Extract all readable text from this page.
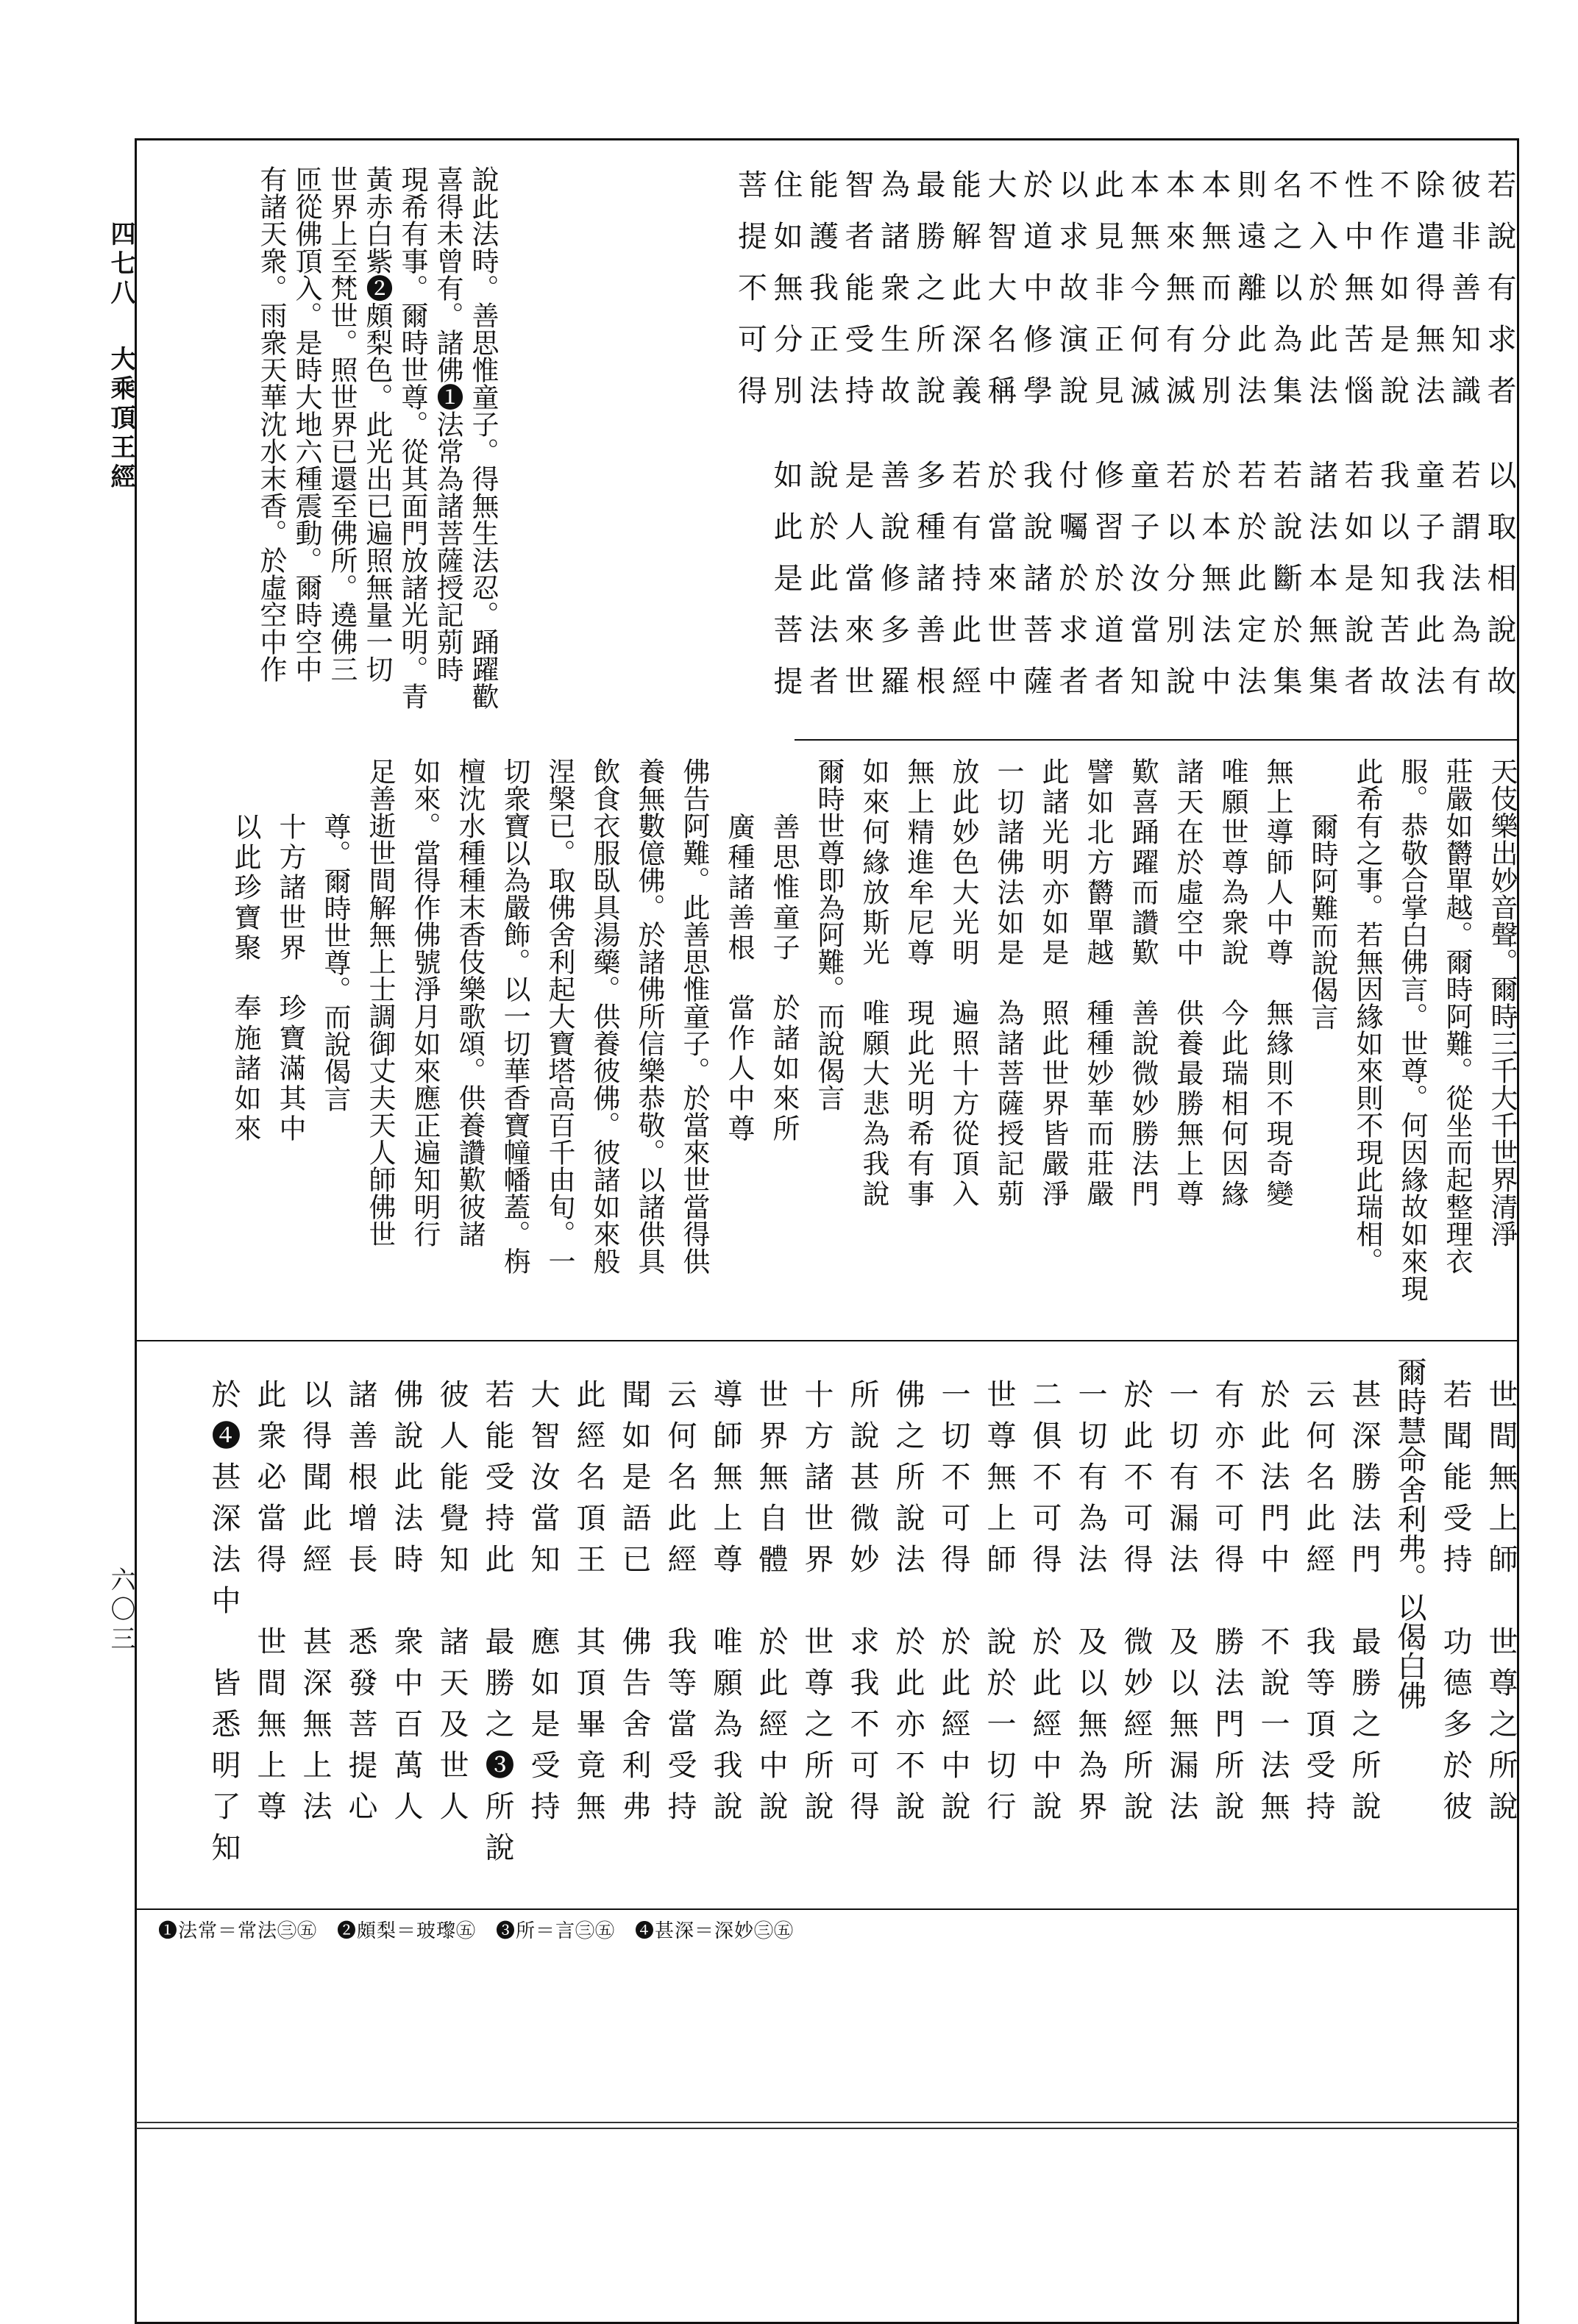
四七八
大乘頂王經
六〇三
若說有求者
以取相說故
彼非善知識
若謂法為有
除遣得無法
童子我此法
不作如是說
我以知苦故
性中無苦惱
若如是說者
不入於此法
諸法本無集
名之以為集
若說斷於集
則遠離此法
若於此定法
本無而分別
於本無法中
本來無有滅
若以分別說
本無今何滅
童子汝當知
此見非正見
修習於道者
以求故演說
付囑於求者
於道中修學
我說諸菩薩
大智大名稱
於當來世中
能解此深義
若有持此經
最勝之所說
多種諸善根
為諸衆生故
善說修多羅
智者能受持
是人當來世
能護我正法
說於此法者
住如無分別
如此是菩提
菩提不可得
說此法時。善思惟童子。得無生法忍。踊躍歡
喜得未曾有。諸佛❶法常為諸菩薩授記莂時
現希有事。爾時世尊。從其面門放諸光明。青
黃赤白紫❷頗梨色。此光出已遍照無量一切
世界上至梵世。照世界已還至佛所。遶佛三
匝從佛頂入。是時大地六種震動。爾時空中
有諸天衆。雨衆天華沈水末香。於虛空中作
天伎樂出妙音聲。爾時三千大千世界清淨
莊嚴如欝單越。爾時阿難。從坐而起整理衣
服。恭敬合掌白佛言。世尊。何因緣故如來現
此希有之事。若無因緣如來則不現此瑞相。
爾時阿難而說偈言
無上導師人中尊　無緣則不現奇變
唯願世尊為衆說　今此瑞相何因緣
諸天在於虛空中　供養最勝無上尊
歎喜踊躍而讚歎　善說微妙勝法門
譬如北方欝單越　種種妙華而莊嚴
此諸光明亦如是　照此世界皆嚴淨
一切諸佛法如是　為諸菩薩授記莂
放此妙色大光明　遍照十方從頂入
無上精進牟尼尊　現此光明希有事
如來何緣放斯光　唯願大悲為我說
爾時世尊即為阿難。而說偈言
善思惟童子　於諸如來所
廣種諸善根　當作人中尊
佛告阿難。此善思惟童子。於當來世當得供
養無數億佛。於諸佛所信樂恭敬。以諸供具
飲食衣服臥具湯藥。供養彼佛。彼諸如來般
涅槃已。取佛舍利起大寶塔高百千由旬。一
切衆寶以為嚴飾。以一切華香寶幢幡蓋。栴
檀沈水種種末香伎樂歌頌。供養讚歎彼諸
如來。當得作佛號淨月如來應正遍知明行
足善逝世間解無上士調御丈夫天人師佛世
尊。爾時世尊。而說偈言
十方諸世界　珍寶滿其中
以此珍寶聚　奉施諸如來
世間無上師　世尊之所說
若聞能受持　功德多於彼
爾時慧命舍利弗。以偈白佛
甚深勝法門　最勝之所說
云何名此經　我等頂受持
於此法門中　不說一法無
有亦不可得　勝法門所說
一切有漏法　及以無漏法
於此不可得　微妙經所說
一切有為法　及以無為界
二俱不可得　於此經中說
世尊無上師　說於一切行
一切不可得　於此經中說
佛之所說法　於此亦不說
所說甚微妙　求我不可得
十方諸世界　世尊之所說
世界無自體　於此經中說
導師無上尊　唯願為我說
云何名此經　我等當受持
聞如是語已　佛告舍利弗
此經名頂王　其頂畢竟無
大智汝當知　應如是受持
若能受持此　最勝之❸所說
彼人能覺知　諸天及世人
佛說此法時　衆中百萬人
諸善根增長　悉發菩提心
以得聞此經　甚深無上法
此衆必當得　世間無上尊
於❹甚深法中　皆悉明了知
❶法常＝常法㊂㊄　❷頗梨＝玻瓈㊄　❸所＝言㊂㊄　❹甚深＝深妙㊂㊄
